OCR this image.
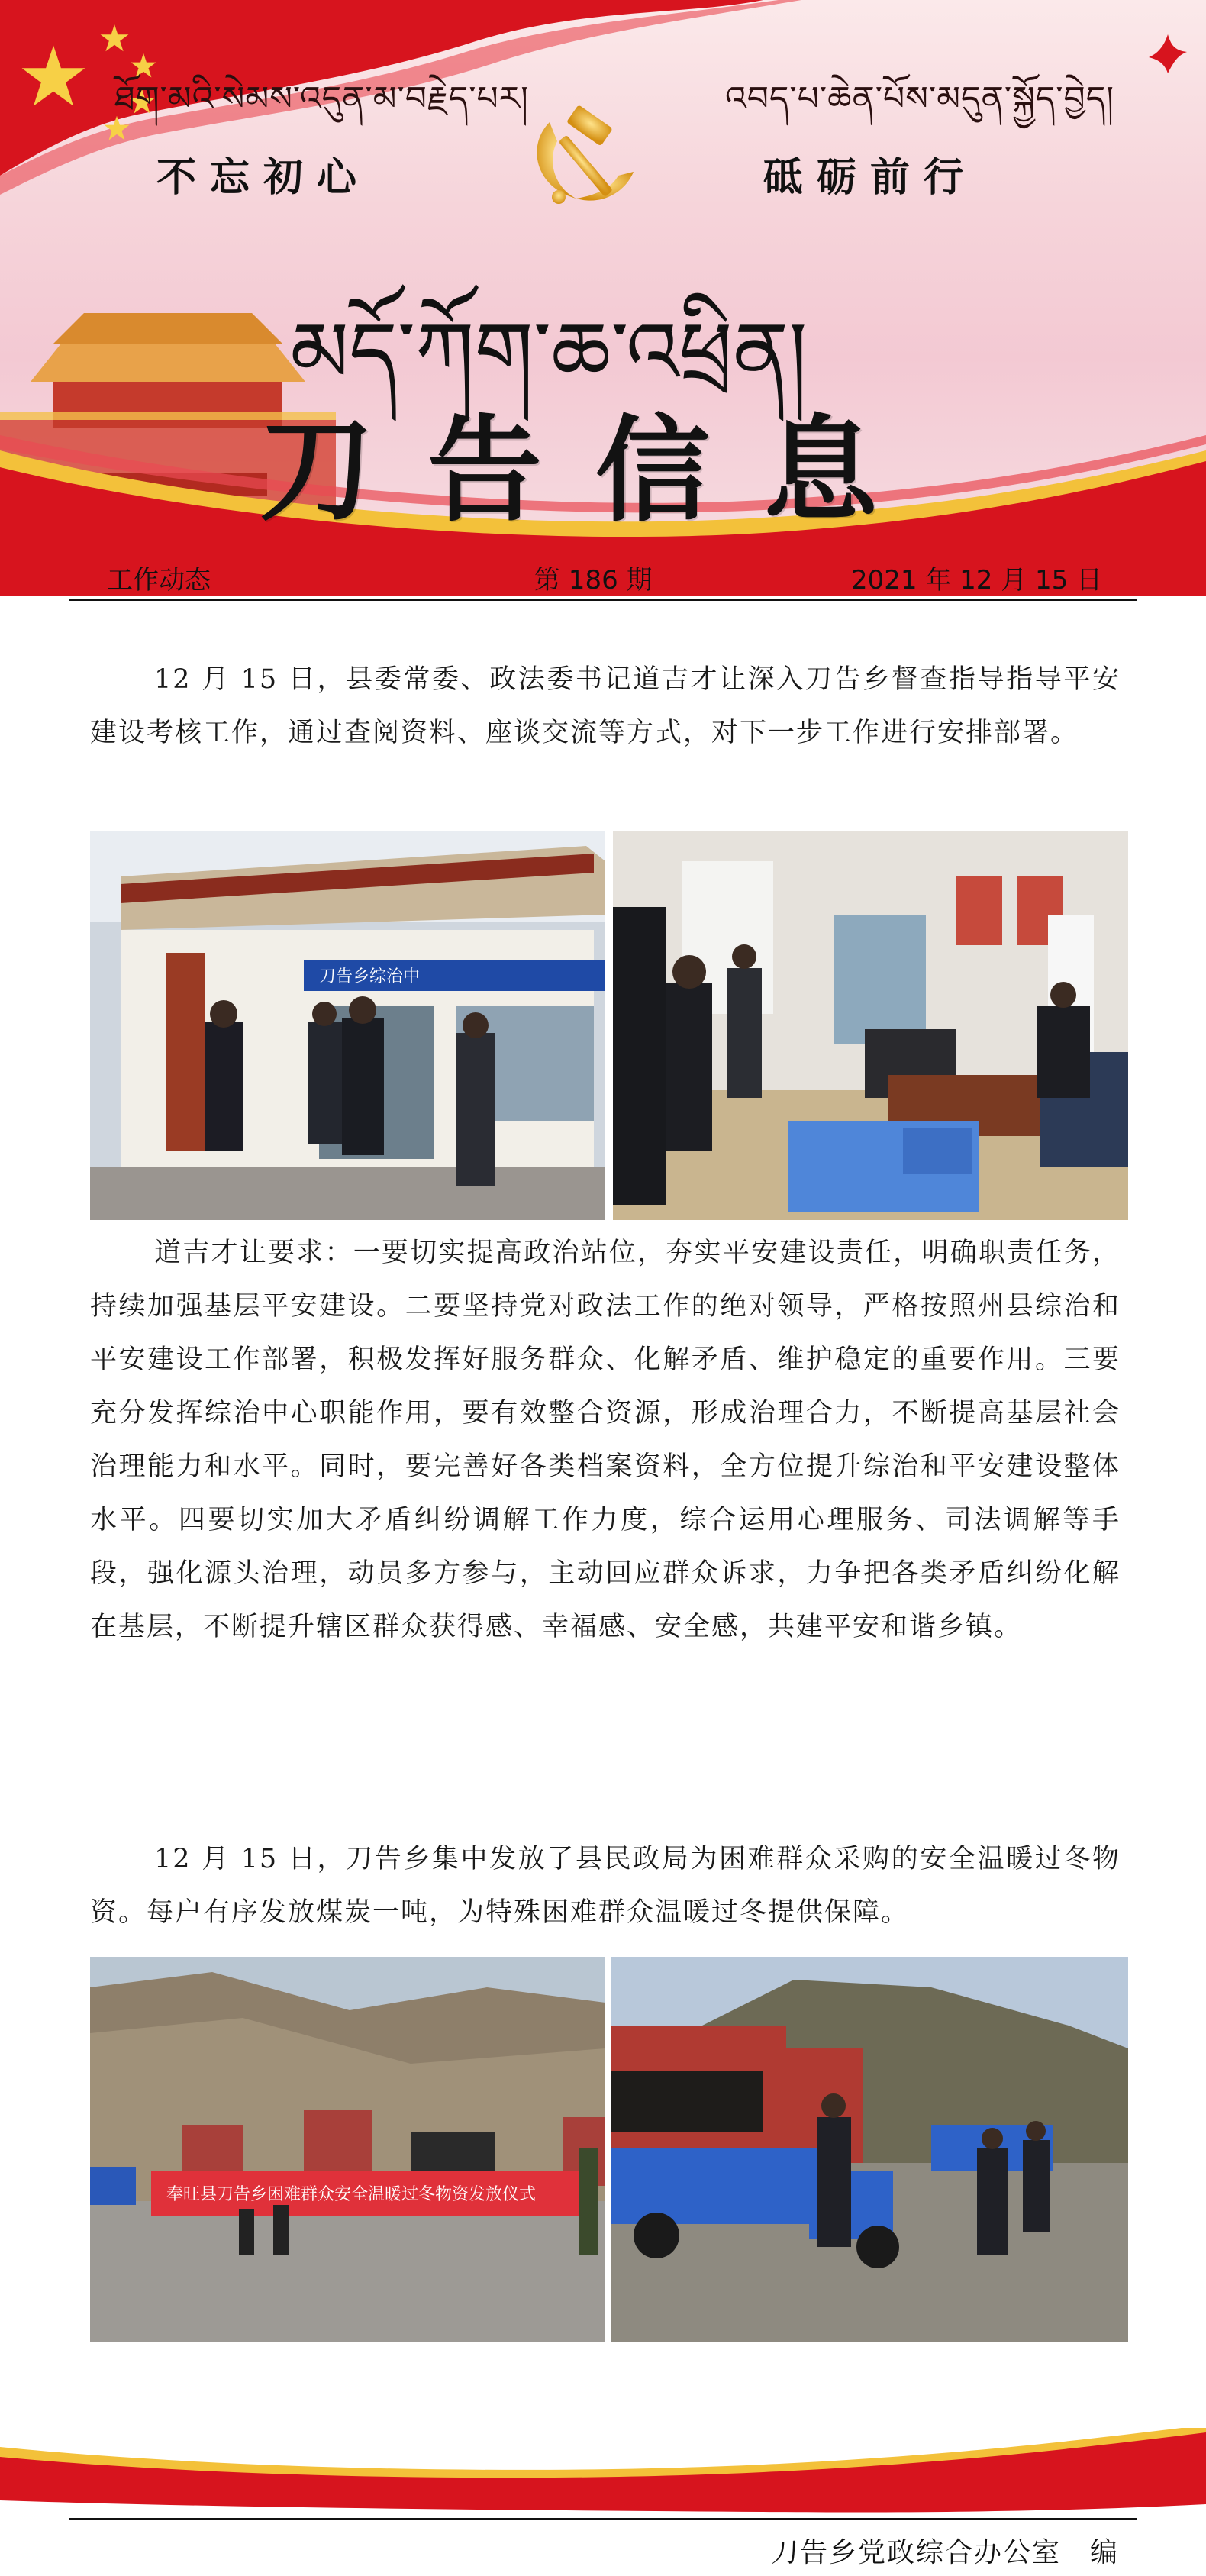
ཐོག་མའི་སེམས་འདུན་མ་བརྗེད་པར།	འབད་པ་ཆེན་པོས་མདུན་སྐྱོད་བྱེད།
不忘初心	砥砺前行
མདོ་ཀོག་ཆ་འཕྲིན།
刀告信息
工作动态	第 186 期	2021 年 12 月 15 日

12 月 15 日，县委常委、政法委书记道吉才让深入刀告乡督查指导指导平安建设考核工作，通过查阅资料、座谈交流等方式，对下一步工作进行安排部署。

刀告乡综治中

道吉才让要求：一要切实提高政治站位，夯实平安建设责任，明确职责任务，持续加强基层平安建设。二要坚持党对政法工作的绝对领导，严格按照州县综治和平安建设工作部署，积极发挥好服务群众、化解矛盾、维护稳定的重要作用。三要充分发挥综治中心职能作用，要有效整合资源，形成治理合力，不断提高基层社会治理能力和水平。同时，要完善好各类档案资料，全方位提升综治和平安建设整体水平。四要切实加大矛盾纠纷调解工作力度，综合运用心理服务、司法调解等手段，强化源头治理，动员多方参与，主动回应群众诉求，力争把各类矛盾纠纷化解在基层，不断提升辖区群众获得感、幸福感、安全感，共建平安和谐乡镇。

12 月 15 日，刀告乡集中发放了县民政局为困难群众采购的安全温暖过冬物资。每户有序发放煤炭一吨，为特殊困难群众温暖过冬提供保障。

奉旺县刀告乡困难群众安全温暖过冬物资发放仪式
刀告乡党政综合办公室　编
